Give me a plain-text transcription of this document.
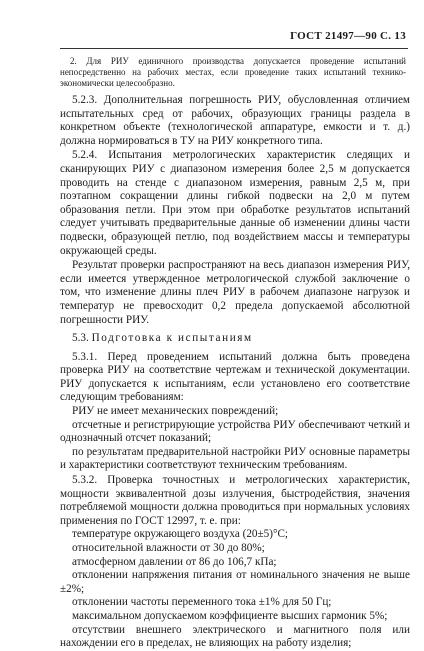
ГОСТ 21497—90 С. 13

2. Для РИУ единичного производства допускается проведение испытаний непосредственно на рабочих местах, если проведение таких испытаний технико-экономически целесообразно.

5.2.3. Дополнительная погрешность РИУ, обусловленная отличием испытательных сред от рабочих, образующих границы раздела в конкретном объекте (технологической аппаратуре, емкости и т. д.) должна нормироваться в ТУ на РИУ конкретного типа.

5.2.4. Испытания метрологических характеристик следящих и сканирующих РИУ с диапазоном измерения более 2,5 м допускается проводить на стенде с диапазоном измерения, равным 2,5 м, при поэтапном сокращении длины гибкой подвески на 2,0 м путем образования петли. При этом при обработке результатов испытаний следует учитывать предварительные данные об изменении длины части подвески, образующей петлю, под воздействием массы и температуры окружающей среды.

Результат проверки распространяют на весь диапазон измерения РИУ, если имеется утвержденное метрологической службой заключение о том, что изменение длины плеч РИУ в рабочем диапазоне нагрузок и температур не превосходит 0,2 предела допускаемой абсолютной погрешности РИУ.

5.3. Подготовка к испытаниям

5.3.1. Перед проведением испытаний должна быть проведена проверка РИУ на соответствие чертежам и технической документации. РИУ допускается к испытаниям, если установлено его соответствие следующим требованиям:

РИУ не имеет механических повреждений;

отсчетные и регистрирующие устройства РИУ обеспечивают четкий и однозначный отсчет показаний;

по результатам предварительной настройки РИУ основные параметры и характеристики соответствуют техническим требованиям.

5.3.2. Проверка точностных и метрологических характеристик, мощности эквивалентной дозы излучения, быстродействия, значения потребляемой мощности должна проводиться при нормальных условиях применения по ГОСТ 12997, т. е. при:

температуре окружающего воздуха (20±5)°С;

относительной влажности от 30 до 80%;

атмосферном давлении от 86 до 106,7 кПа;

отклонении напряжения питания от номинального значения не выше ±2%;

отклонении частоты переменного тока ±1% для 50 Гц;

максимальном допускаемом коэффициенте высших гармоник 5%;

отсутствии внешнего электрического и магнитного поля или нахождении его в пределах, не влияющих на работу изделия;
